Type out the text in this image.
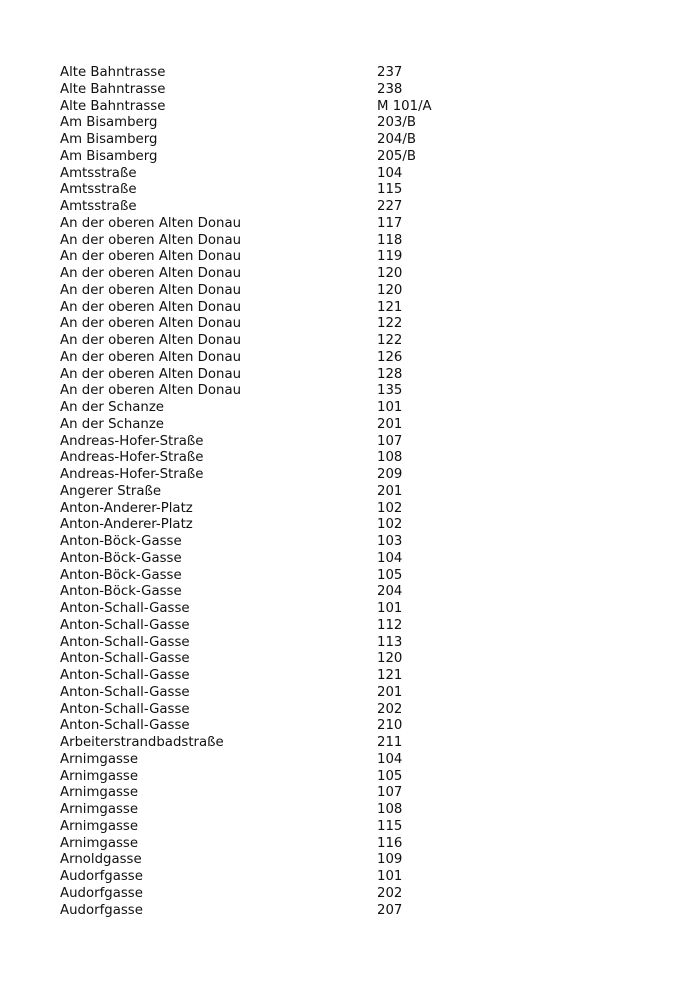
Alte Bahntrasse	237
Alte Bahntrasse	238
Alte Bahntrasse	M 101/A
Am Bisamberg	203/B
Am Bisamberg	204/B
Am Bisamberg	205/B
Amtsstraße	104
Amtsstraße	115
Amtsstraße	227
An der oberen Alten Donau	117
An der oberen Alten Donau	118
An der oberen Alten Donau	119
An der oberen Alten Donau	120
An der oberen Alten Donau	120
An der oberen Alten Donau	121
An der oberen Alten Donau	122
An der oberen Alten Donau	122
An der oberen Alten Donau	126
An der oberen Alten Donau	128
An der oberen Alten Donau	135
An der Schanze	101
An der Schanze	201
Andreas-Hofer-Straße	107
Andreas-Hofer-Straße	108
Andreas-Hofer-Straße	209
Angerer Straße	201
Anton-Anderer-Platz	102
Anton-Anderer-Platz	102
Anton-Böck-Gasse	103
Anton-Böck-Gasse	104
Anton-Böck-Gasse	105
Anton-Böck-Gasse	204
Anton-Schall-Gasse	101
Anton-Schall-Gasse	112
Anton-Schall-Gasse	113
Anton-Schall-Gasse	120
Anton-Schall-Gasse	121
Anton-Schall-Gasse	201
Anton-Schall-Gasse	202
Anton-Schall-Gasse	210
Arbeiterstrandbadstraße	211
Arnimgasse	104
Arnimgasse	105
Arnimgasse	107
Arnimgasse	108
Arnimgasse	115
Arnimgasse	116
Arnoldgasse	109
Audorfgasse	101
Audorfgasse	202
Audorfgasse	207
